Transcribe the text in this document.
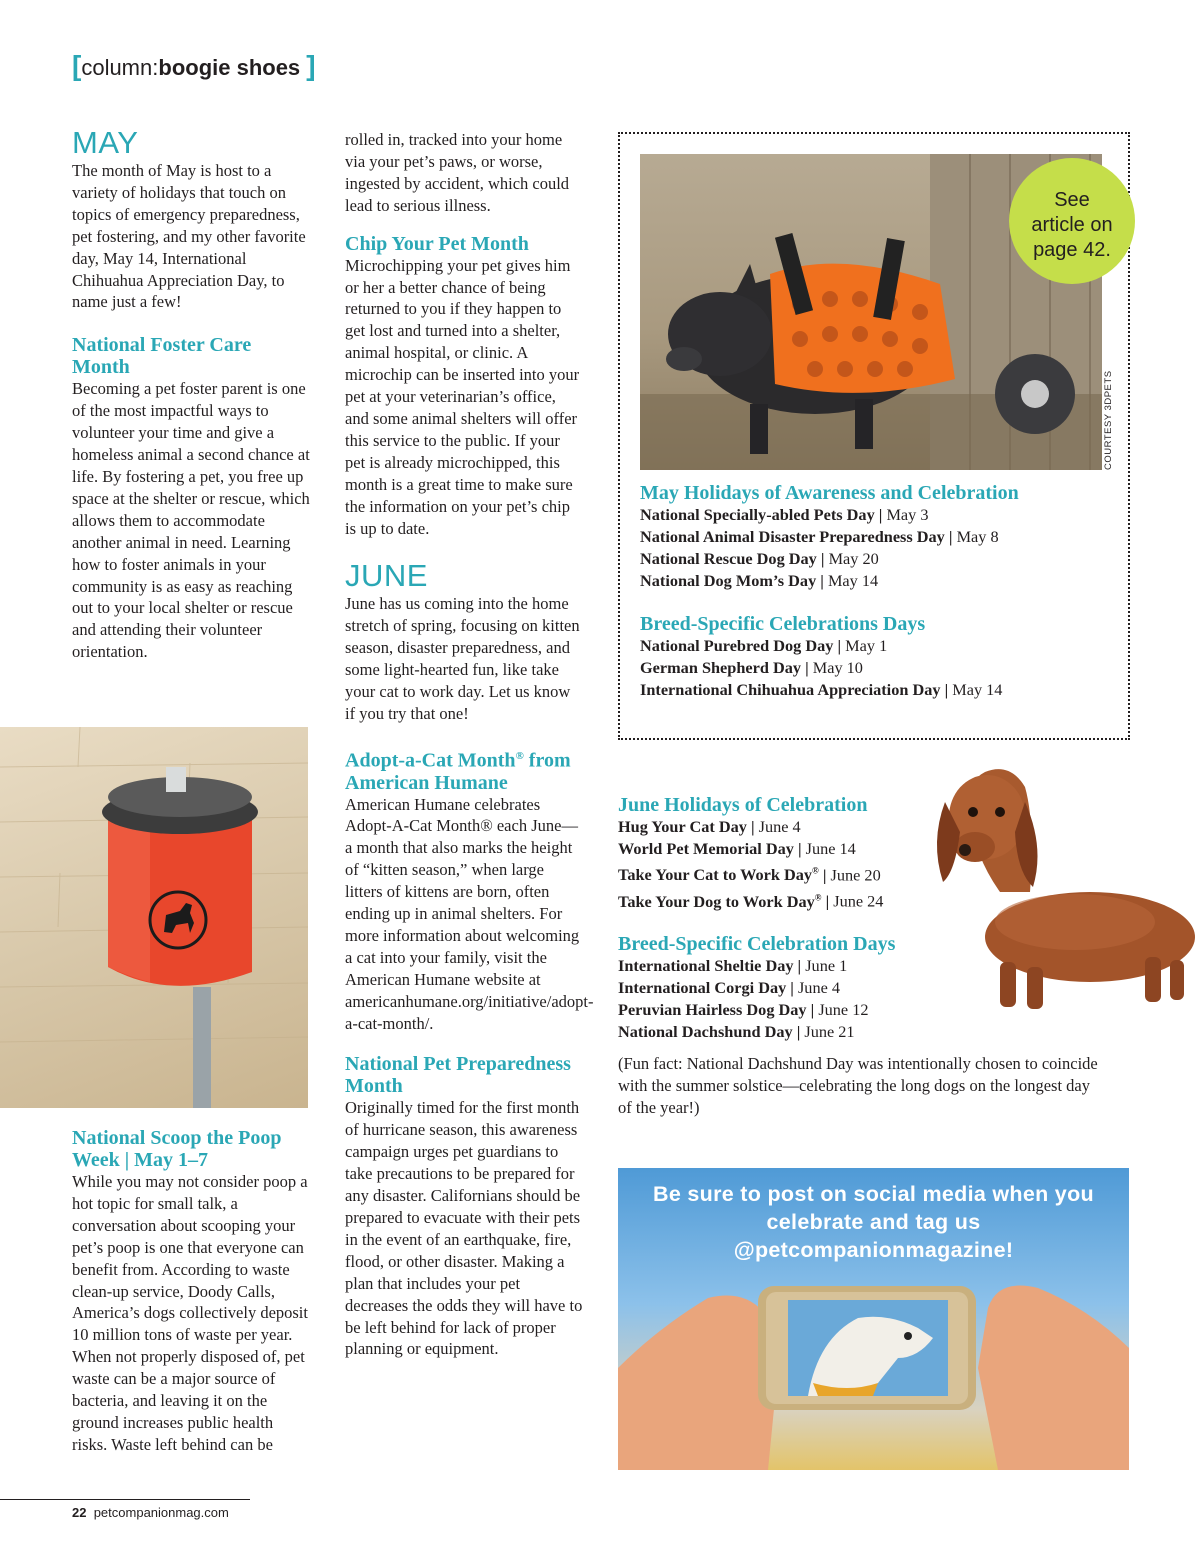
[column:boogie shoes ]
MAY

The month of May is host to a variety of holidays that touch on topics of emergency preparedness, pet fostering, and my other favorite day, May 14, International Chihuahua Appreciation Day, to name just a few!

National Foster Care Month

Becoming a pet foster parent is one of the most impactful ways to volunteer your time and give a homeless animal a second chance at life. By fostering a pet, you free up space at the shelter or rescue, which allows them to accommodate another animal in need. Learning how to foster animals in your community is as easy as reaching out to your local shelter or rescue and attending their volunteer orientation.

National Scoop the Poop Week | May 1–7

While you may not consider poop a hot topic for small talk, a conversation about scooping your pet’s poop is one that everyone can benefit from. According to waste clean-up service, Doody Calls, America’s dogs collectively deposit 10 million tons of waste per year. When not properly disposed of, pet waste can be a major source of bacteria, and leaving it on the ground increases public health risks. Waste left behind can be

rolled in, tracked into your home via your pet’s paws, or worse, ingested by accident, which could lead to serious illness.

Chip Your Pet Month

Microchipping your pet gives him or her a better chance of being returned to you if they happen to get lost and turned into a shelter, animal hospital, or clinic. A microchip can be inserted into your pet at your veterinarian’s office, and some animal shelters will offer this service to the public. If your pet is already microchipped, this month is a great time to make sure the information on your pet’s chip is up to date.

JUNE

June has us coming into the home stretch of spring, focusing on kitten season, disaster preparedness, and some light-hearted fun, like take your cat to work day. Let us know if you try that one!

Adopt-a-Cat Month® from American Humane

American Humane celebrates Adopt-A-Cat Month® each June—a month that also marks the height of “kitten season,” when large litters of kittens are born, often ending up in animal shelters. For more information about welcoming a cat into your family, visit the American Humane website at americanhumane.org/initiative/adopt-a-cat-month/.

National Pet Preparedness Month

Originally timed for the first month of hurricane season, this awareness campaign urges pet guardians to take precautions to be prepared for any disaster. Californians should be prepared to evacuate with their pets in the event of an earthquake, fire, flood, or other disaster. Making a plan that includes your pet decreases the odds they will have to be left behind for lack of proper planning or equipment.

See
article on
page 42.
COURTESY 3DPETS
May Holidays of Awareness and Celebration

National Specially-abled Pets Day | May 3

National Animal Disaster Preparedness Day | May 8

National Rescue Dog Day | May 20

National Dog Mom’s Day | May 14

Breed-Specific Celebrations Days

National Purebred Dog Day | May 1

German Shepherd Day | May 10

International Chihuahua Appreciation Day | May 14

June Holidays of Celebration

Hug Your Cat Day | June 4

World Pet Memorial Day | June 14

Take Your Cat to Work Day® | June 20

Take Your Dog to Work Day® | June 24

Breed-Specific Celebration Days

International Sheltie Day | June 1

International Corgi Day | June 4

Peruvian Hairless Dog Day | June 12

National Dachshund Day | June 21

(Fun fact: National Dachshund Day was intentionally chosen to coincide with the summer solstice—celebrating the long dogs on the longest day of the year!)

Be sure to post on social media when you
celebrate and tag us
@petcompanionmagazine!
22 petcompanionmag.com
